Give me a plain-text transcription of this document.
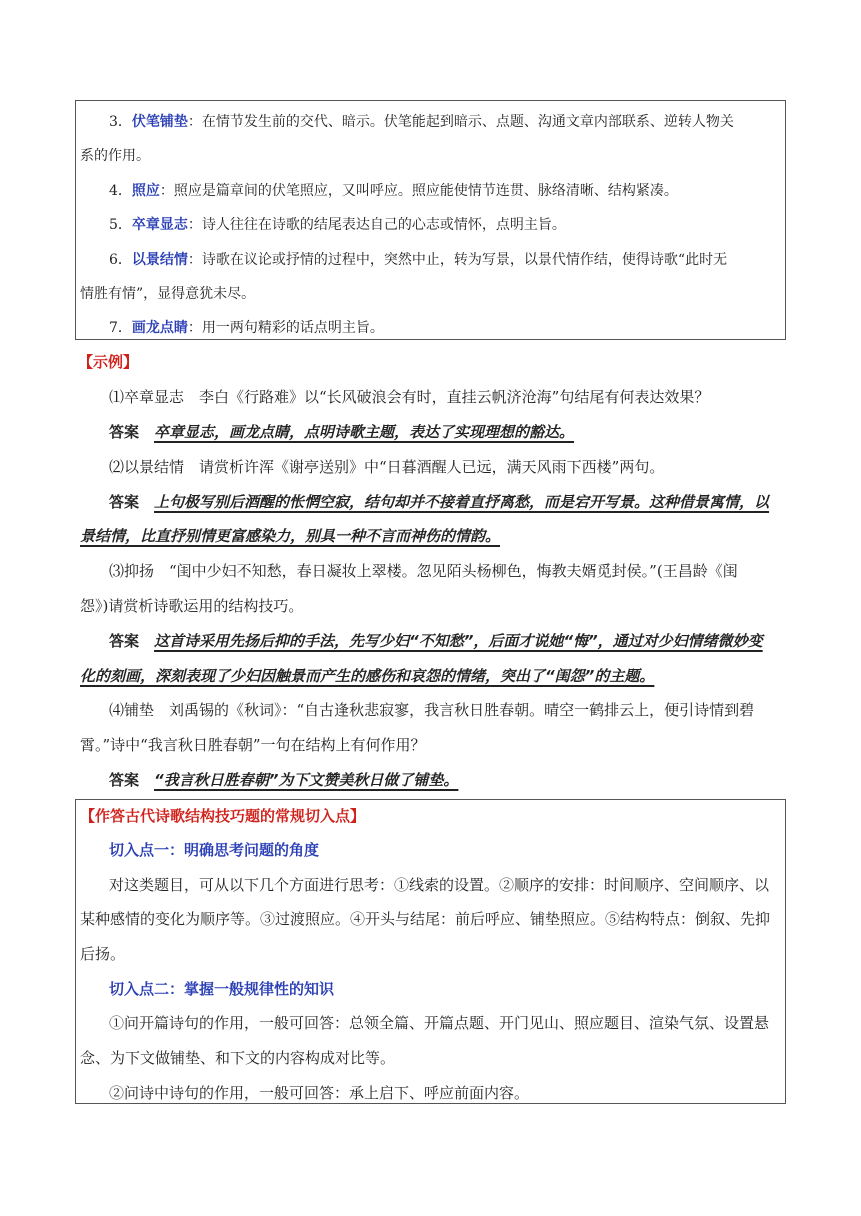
3．伏笔铺垫：在情节发生前的交代、暗示。伏笔能起到暗示、点题、沟通文章内部联系、逆转人物关
系的作用。
4．照应：照应是篇章间的伏笔照应，又叫呼应。照应能使情节连贯、脉络清晰、结构紧凑。
5．卒章显志：诗人往往在诗歌的结尾表达自己的心志或情怀，点明主旨。
6．以景结情：诗歌在议论或抒情的过程中，突然中止，转为写景，以景代情作结，使得诗歌“此时无
情胜有情”，显得意犹未尽。
7．画龙点睛：用一两句精彩的话点明主旨。
【示例】
⑴卒章显志　李白《行路难》以“长风破浪会有时，直挂云帆济沧海”句结尾有何表达效果？
答案　 卒章显志，画龙点睛，点明诗歌主题，表达了实现理想的豁达。
⑵以景结情　请赏析许浑《谢亭送别》中“日暮酒醒人已远，满天风雨下西楼”两句。
答案　 上句极写别后酒醒的怅惘空寂，结句却并不接着直抒离愁，而是宕开写景。这种借景寓情，以
景结情，比直抒别情更富感染力，别具一种不言而神伤的情韵。
⑶抑扬　“闺中少妇不知愁，春日凝妆上翠楼。忽见陌头杨柳色，悔教夫婿觅封侯。”(王昌龄《闺
怨》)请赏析诗歌运用的结构技巧。
答案　 这首诗采用先扬后抑的手法，先写少妇“不知愁”，后面才说她“悔”，通过对少妇情绪微妙变
化的刻画，深刻表现了少妇因触景而产生的感伤和哀怨的情绪，突出了“闺怨”的主题。
⑷铺垫　刘禹锡的《秋词》：“自古逢秋悲寂寥，我言秋日胜春朝。晴空一鹤排云上，便引诗情到碧
霄。”诗中“我言秋日胜春朝”一句在结构上有何作用？
答案　 “我言秋日胜春朝”为下文赞美秋日做了铺垫。
【作答古代诗歌结构技巧题的常规切入点】
切入点一：明确思考问题的角度
对这类题目，可从以下几个方面进行思考：①线索的设置。②顺序的安排：时间顺序、空间顺序、以
某种感情的变化为顺序等。③过渡照应。④开头与结尾：前后呼应、铺垫照应。⑤结构特点：倒叙、先抑
后扬。
切入点二：掌握一般规律性的知识
①问开篇诗句的作用，一般可回答：总领全篇、开篇点题、开门见山、照应题目、渲染气氛、设置悬
念、为下文做铺垫、和下文的内容构成对比等。
②问诗中诗句的作用，一般可回答：承上启下、呼应前面内容。
